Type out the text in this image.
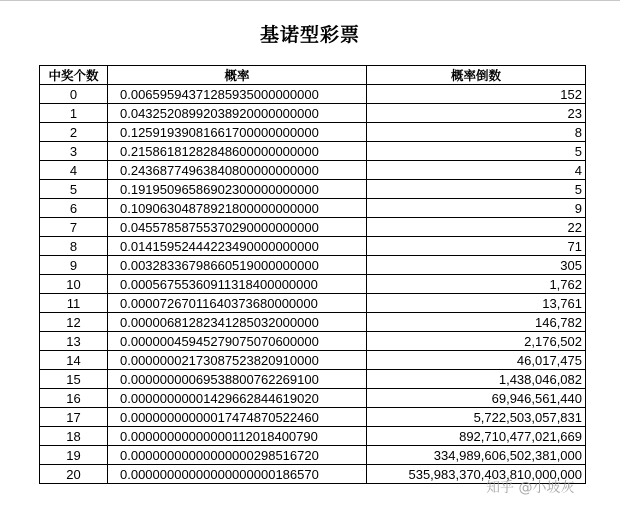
基诺型彩票
中奖个数	概率	概率倒数
0	0.00659594371285935000000000	152
1	0.04325208992038920000000000	23
2	0.12591939081661700000000000	8
3	0.21586181282848600000000000	5
4	0.24368774963840800000000000	4
5	0.19195096586902300000000000	5
6	0.10906304878921800000000000	9
7	0.04557858755370290000000000	22
8	0.01415952444223490000000000	71
9	0.00328336798660519000000000	305
10	0.00056755360911318400000000	1,762
11	0.00007267011640373680000000	13,761
12	0.00000681282341285032000000	146,782
13	0.00000045945279075070600000	2,176,502
14	0.00000002173087523820910000	46,017,475
15	0.00000000069538800762269100	1,438,046,082
16	0.00000000001429662844619020	69,946,561,440
17	0.00000000000017474870522460	5,722,503,057,831
18	0.00000000000000112018400790	892,710,477,021,669
19	0.00000000000000000298516720	334,989,606,502,381,000
20	0.00000000000000000000186570	535,983,370,403,810,000,000
知乎 @小坡灰
